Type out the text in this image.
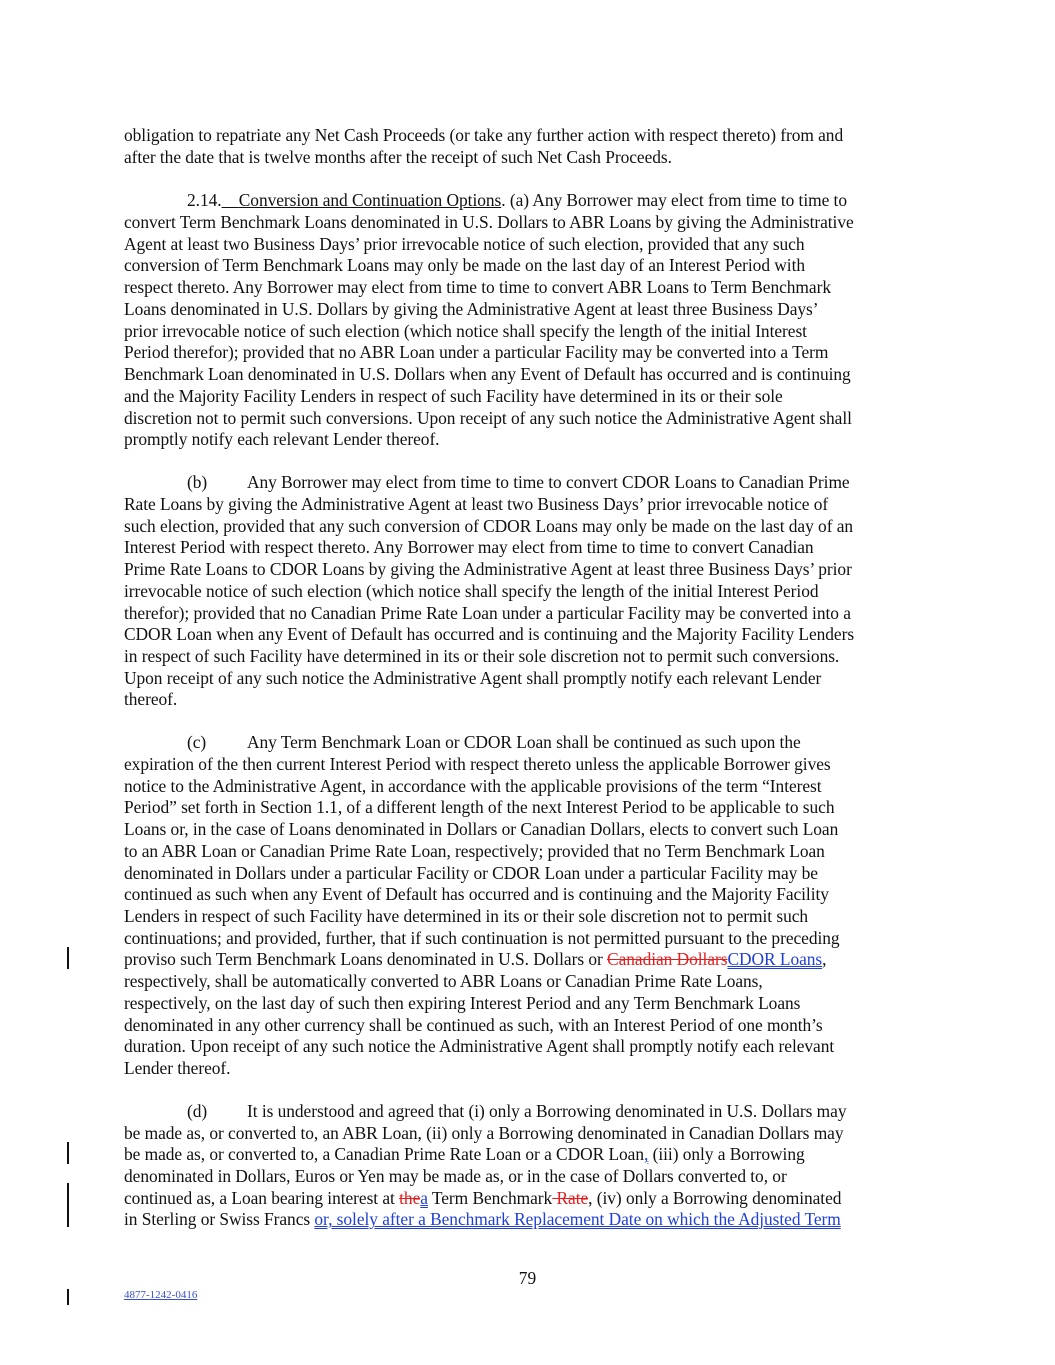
obligation to repatriate any Net Cash Proceeds (or take any further action with respect thereto) from and
after the date that is twelve months after the receipt of such Net Cash Proceeds.
2.14. Conversion and Continuation Options. (a) Any Borrower may elect from time to time to
convert Term Benchmark Loans denominated in U.S. Dollars to ABR Loans by giving the Administrative
Agent at least two Business Days’ prior irrevocable notice of such election, provided that any such
conversion of Term Benchmark Loans may only be made on the last day of an Interest Period with
respect thereto. Any Borrower may elect from time to time to convert ABR Loans to Term Benchmark
Loans denominated in U.S. Dollars by giving the Administrative Agent at least three Business Days’
prior irrevocable notice of such election (which notice shall specify the length of the initial Interest
Period therefor); provided that no ABR Loan under a particular Facility may be converted into a Term
Benchmark Loan denominated in U.S. Dollars when any Event of Default has occurred and is continuing
and the Majority Facility Lenders in respect of such Facility have determined in its or their sole
discretion not to permit such conversions. Upon receipt of any such notice the Administrative Agent shall
promptly notify each relevant Lender thereof.
(b) Any Borrower may elect from time to time to convert CDOR Loans to Canadian Prime
Rate Loans by giving the Administrative Agent at least two Business Days’ prior irrevocable notice of
such election, provided that any such conversion of CDOR Loans may only be made on the last day of an
Interest Period with respect thereto. Any Borrower may elect from time to time to convert Canadian
Prime Rate Loans to CDOR Loans by giving the Administrative Agent at least three Business Days’ prior
irrevocable notice of such election (which notice shall specify the length of the initial Interest Period
therefor); provided that no Canadian Prime Rate Loan under a particular Facility may be converted into a
CDOR Loan when any Event of Default has occurred and is continuing and the Majority Facility Lenders
in respect of such Facility have determined in its or their sole discretion not to permit such conversions.
Upon receipt of any such notice the Administrative Agent shall promptly notify each relevant Lender
thereof.
(c) Any Term Benchmark Loan or CDOR Loan shall be continued as such upon the
expiration of the then current Interest Period with respect thereto unless the applicable Borrower gives
notice to the Administrative Agent, in accordance with the applicable provisions of the term “Interest
Period” set forth in Section 1.1, of a different length of the next Interest Period to be applicable to such
Loans or, in the case of Loans denominated in Dollars or Canadian Dollars, elects to convert such Loan
to an ABR Loan or Canadian Prime Rate Loan, respectively; provided that no Term Benchmark Loan
denominated in Dollars under a particular Facility or CDOR Loan under a particular Facility may be
continued as such when any Event of Default has occurred and is continuing and the Majority Facility
Lenders in respect of such Facility have determined in its or their sole discretion not to permit such
continuations; and provided, further, that if such continuation is not permitted pursuant to the preceding
proviso such Term Benchmark Loans denominated in U.S. Dollars or Canadian DollarsCDOR Loans,
respectively, shall be automatically converted to ABR Loans or Canadian Prime Rate Loans,
respectively, on the last day of such then expiring Interest Period and any Term Benchmark Loans
denominated in any other currency shall be continued as such, with an Interest Period of one month’s
duration. Upon receipt of any such notice the Administrative Agent shall promptly notify each relevant
Lender thereof.
(d) It is understood and agreed that (i) only a Borrowing denominated in U.S. Dollars may
be made as, or converted to, an ABR Loan, (ii) only a Borrowing denominated in Canadian Dollars may
be made as, or converted to, a Canadian Prime Rate Loan or a CDOR Loan, (iii) only a Borrowing
denominated in Dollars, Euros or Yen may be made as, or in the case of Dollars converted to, or
continued as, a Loan bearing interest at thea Term Benchmark Rate, (iv) only a Borrowing denominated
in Sterling or Swiss Francs or, solely after a Benchmark Replacement Date on which the Adjusted Term
79
4877-1242-0416
